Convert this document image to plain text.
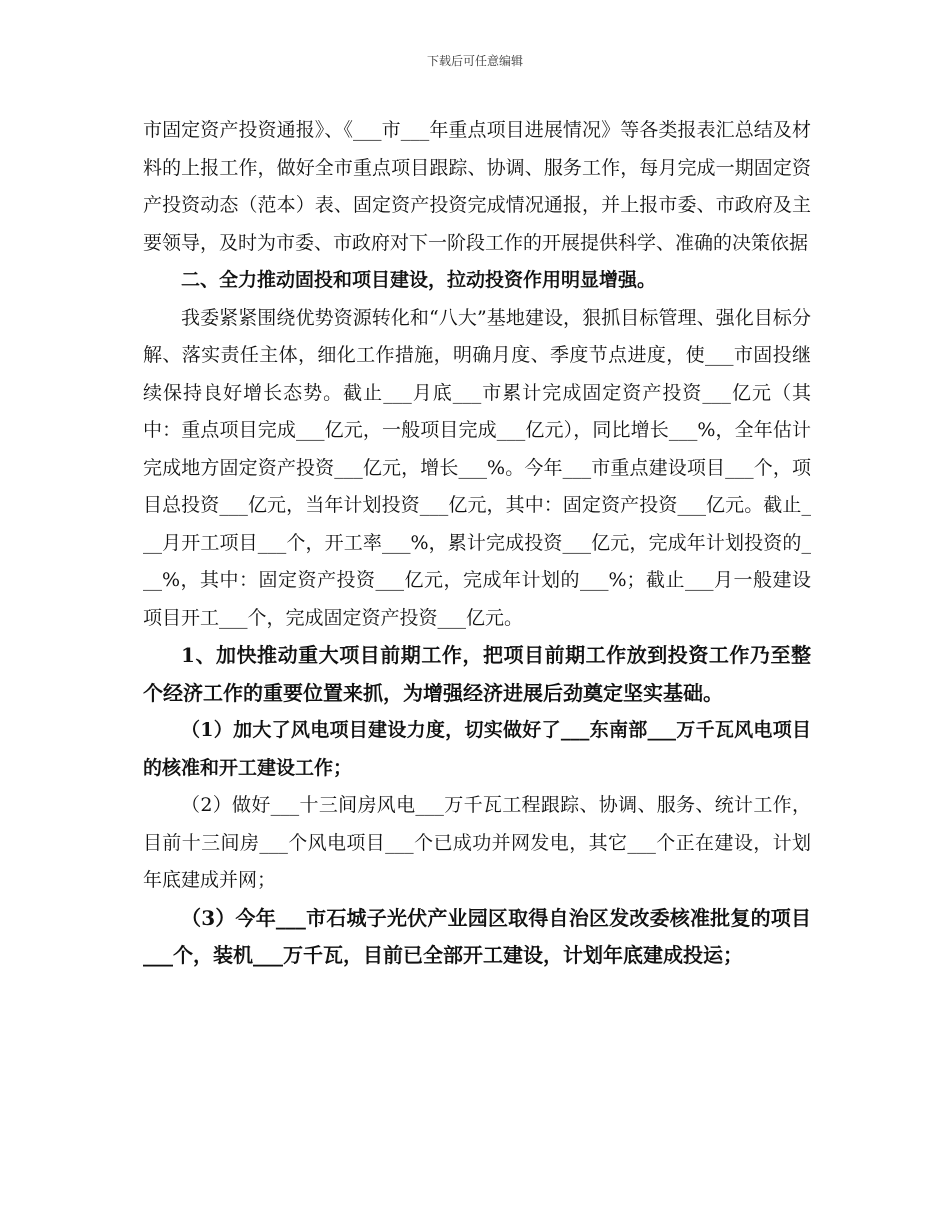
下载后可任意编辑

市固定资产投资通报》、《___市___年重点项目进展情况》等各类报表汇总结及材料的上报工作，做好全市重点项目跟踪、协调、服务工作，每月完成一期固定资产投资动态（范本）表、固定资产投资完成情况通报，并上报市委、市政府及主要领导，及时为市委、市政府对下一阶段工作的开展提供科学、准确的决策依据

二、全力推动固投和项目建设，拉动投资作用明显增强。

我委紧紧围绕优势资源转化和“八大”基地建设，狠抓目标管理、强化目标分解、落实责任主体，细化工作措施，明确月度、季度节点进度，使___市固投继续保持良好增长态势。截止___月底___市累计完成固定资产投资___亿元（其中：重点项目完成___亿元，一般项目完成___亿元），同比增长___%，全年估计完成地方固定资产投资___亿元，增长___%。今年___市重点建设项目___个，项目总投资___亿元，当年计划投资___亿元，其中：固定资产投资___亿元。截止___月开工项目___个，开工率___%，累计完成投资___亿元，完成年计划投资的___%，其中：固定资产投资___亿元，完成年计划的___%；截止___月一般建设项目开工___个，完成固定资产投资___亿元。

1、加快推动重大项目前期工作，把项目前期工作放到投资工作乃至整个经济工作的重要位置来抓，为增强经济进展后劲奠定坚实基础。

（1）加大了风电项目建设力度，切实做好了___东南部___万千瓦风电项目的核准和开工建设工作；

（2）做好___十三间房风电___万千瓦工程跟踪、协调、服务、统计工作，目前十三间房___个风电项目___个已成功并网发电，其它___个正在建设，计划年底建成并网；

（3）今年___市石城子光伏产业园区取得自治区发改委核准批复的项目___个，装机___万千瓦，目前已全部开工建设，计划年底建成投运；
